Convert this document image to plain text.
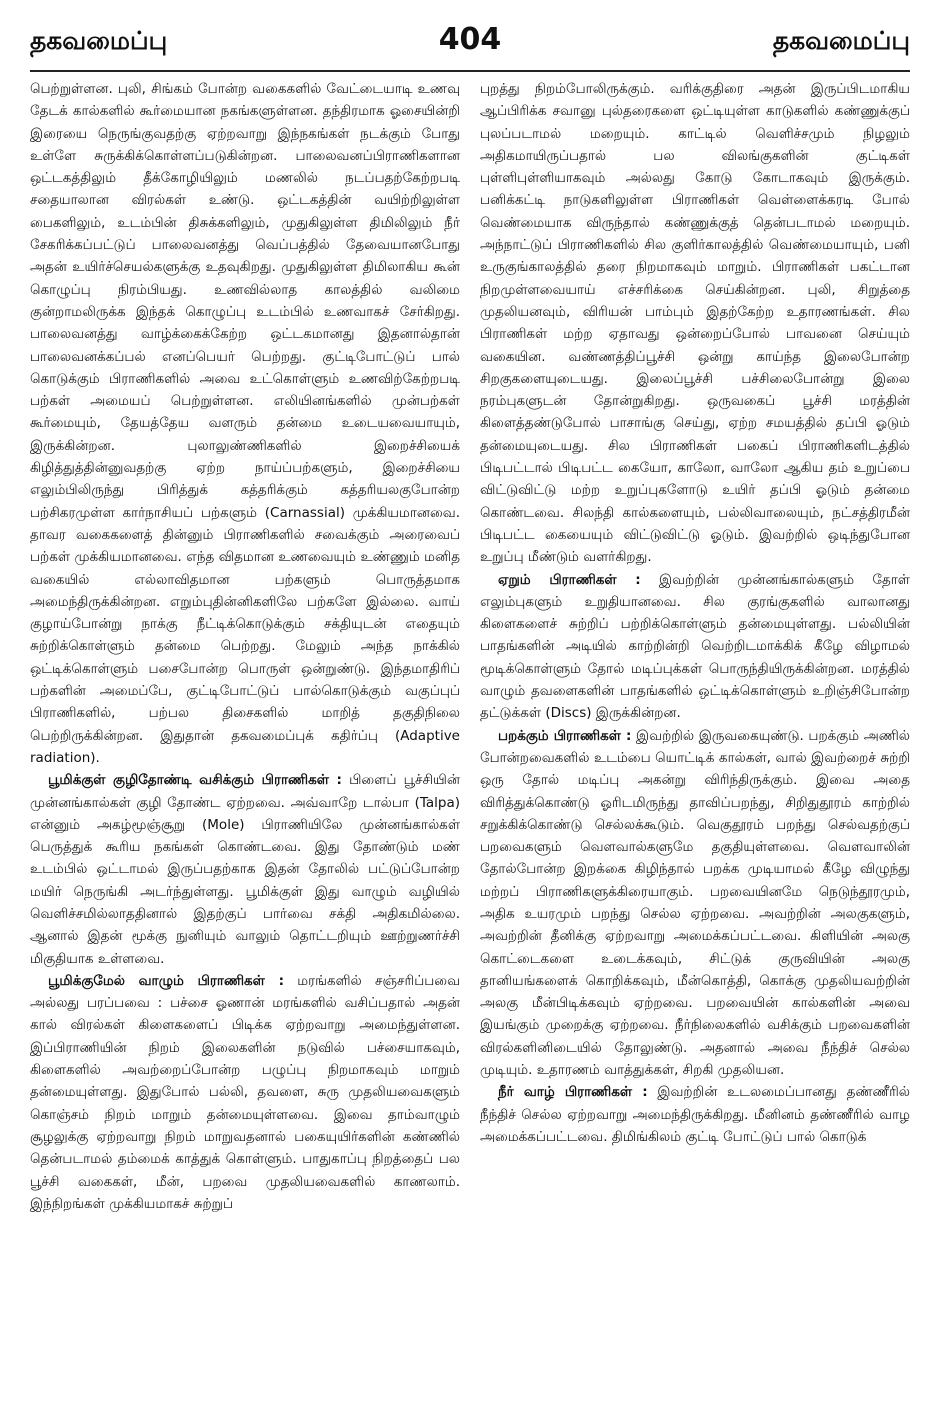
தகவமைப்பு	404	தகவமைப்பு

பெற்றுள்ளன. புலி, சிங்கம் போன்ற வகைகளில் வேட்டையாடி உணவு தேடக் கால்களில் கூர்மையான நகங்களுள்ளன. தந்திரமாக ஓசையின்றி இரையை நெருங்குவதற்கு ஏற்றவாறு இந்நகங்கள் நடக்கும் போது உள்ளே சுருக்கிக்கொள்ளப்படுகின்றன. பாலைவனப்பிராணிகளான ஒட்டகத்திலும் தீக்கோழியிலும் மணலில் நடப்பதற்கேற்றபடி சதையாலான விரல்கள் உண்டு. ஒட்டகத்தின் வயிற்றிலுள்ள பைகளிலும், உடம்பின் திசுக்களிலும், முதுகிலுள்ள திமிலிலும் நீர் சேகரிக்கப்பட்டுப் பாலைவனத்து வெப்பத்தில் தேவையானபோது அதன் உயிர்ச்செயல்களுக்கு உதவுகிறது. முதுகிலுள்ள திமிலாகிய கூன் கொழுப்பு நிரம்பியது. உணவில்லாத காலத்தில் வலிமை குன்றாமலிருக்க இந்தக் கொழுப்பு உடம்பில் உணவாகச் சேர்கிறது. பாலைவனத்து வாழ்க்கைக்கேற்ற ஒட்டகமானது இதனால்தான் பாலைவனக்கப்பல் எனப்பெயர் பெற்றது. குட்டிபோட்டுப் பால் கொடுக்கும் பிராணிகளில் அவை உட்கொள்ளும் உணவிற்கேற்றபடி பற்கள் அமையப் பெற்றுள்ளன. எலியினங்களில் முன்பற்கள் கூர்மையும், தேயத்தேய வளரும் தன்மை உடையவையாயும், இருக்கின்றன. புலாலுண்ணிகளில் இறைச்சியைக் கிழித்துத்தின்னுவதற்கு ஏற்ற நாய்ப்பற்களும், இறைச்சியை எலும்பிலிருந்து பிரித்துக் கத்தரிக்கும் கத்தரியலகுபோன்ற பற்சிகரமுள்ள கார்நாசியப் பற்களும் (Carnassial) முக்கியமானவை. தாவர வகைகளைத் தின்னும் பிராணிகளில் சவைக்கும் அரைவைப் பற்கள் முக்கியமானவை. எந்த விதமான உணவையும் உண்ணும் மனித வகையில் எல்லாவிதமான பற்களும் பொருத்தமாக அமைந்திருக்கின்றன. எறும்புதின்னிகளிலே பற்களே இல்லை. வாய் குழாய்போன்று நாக்கு நீட்டிக்கொடுக்கும் சக்தியுடன் எதையும் சுற்றிக்கொள்ளும் தன்மை பெற்றது. மேலும் அந்த நாக்கில் ஒட்டிக்கொள்ளும் பசைபோன்ற பொருள் ஒன்றுண்டு. இந்தமாதிரிப் பற்களின் அமைப்பே, குட்டிபோட்டுப் பால்கொடுக்கும் வகுப்புப் பிராணிகளில், பற்பல திசைகளில் மாறித் தகுதிநிலை பெற்றிருக்கின்றன. இதுதான் தகவமைப்புக் கதிர்ப்பு (Adaptive radiation).

பூமிக்குள் குழிதோண்டி வசிக்கும் பிராணிகள் : பிளைப் பூச்சியின் முன்னங்கால்கள் குழி தோண்ட ஏற்றவை. அவ்வாறே டால்பா (Talpa) என்னும் அகழ்மூஞ்சூறு (Mole) பிராணியிலே முன்னங்கால்கள் பெருத்துக் கூரிய நகங்கள் கொண்டவை. இது தோண்டும் மண் உடம்பில் ஒட்டாமல் இருப்பதற்காக இதன் தோலில் பட்டுப்போன்ற மயிர் நெருங்கி அடர்ந்துள்ளது. பூமிக்குள் இது வாழும் வழியில் வெளிச்சமில்லாததினால் இதற்குப் பார்வை சக்தி அதிகமில்லை. ஆனால் இதன் மூக்கு நுனியும் வாலும் தொட்டறியும் ஊற்றுணர்ச்சி மிகுதியாக உள்ளவை.

பூமிக்குமேல் வாழும் பிராணிகள் : மரங்களில் சஞ்சரிப்பவை அல்லது பரப்பவை : பச்சை ஓணான் மரங்களில் வசிப்பதால் அதன் கால் விரல்கள் கிளைகளைப் பிடிக்க ஏற்றவாறு அமைந்துள்ளன. இப்பிராணியின் நிறம் இலைகளின் நடுவில் பச்சையாகவும், கிளைகளில் அவற்றைப்போன்ற பழுப்பு நிறமாகவும் மாறும் தன்மையுள்ளது. இதுபோல் பல்லி, தவளை, சுரு முதலியவைகளும் கொஞ்சம் நிறம் மாறும் தன்மையுள்ளவை. இவை தாம்வாழும் சூழலுக்கு ஏற்றவாறு நிறம் மாறுவதனால் பகையுயிர்களின் கண்ணில் தென்படாமல் தம்மைக் காத்துக் கொள்ளும். பாதுகாப்பு நிறத்தைப் பல பூச்சி வகைகள், மீன், பறவை முதலியவைகளில் காணலாம். இந்நிறங்கள் முக்கியமாகச் சுற்றுப்

புறத்து நிறம்போலிருக்கும். வரிக்குதிரை அதன் இருப்பிடமாகிய ஆப்பிரிக்க சவானு புல்தரைகளை ஒட்டியுள்ள காடுகளில் கண்ணுக்குப் புலப்படாமல் மறையும். காட்டில் வெளிச்சமும் நிழலும் அதிகமாயிருப்பதால் பல விலங்குகளின் குட்டிகள் புள்ளிபுள்ளியாகவும் அல்லது கோடு கோடாகவும் இருக்கும். பனிக்கட்டி நாடுகளிலுள்ள பிராணிகள் வெள்ளைக்கரடி போல் வெண்மையாக விருந்தால் கண்ணுக்குத் தென்படாமல் மறையும். அந்நாட்டுப் பிராணிகளில் சில குளிர்காலத்தில் வெண்மையாயும், பனி உருகுங்காலத்தில் தரை நிறமாகவும் மாறும். பிராணிகள் பகட்டான நிறமுள்ளவையாய் எச்சரிக்கை செய்கின்றன. புலி, சிறுத்தை முதலியனவும், விரியன் பாம்பும் இதற்கேற்ற உதாரணங்கள். சில பிராணிகள் மற்ற ஏதாவது ஒன்றைப்போல் பாவனை செய்யும் வகையின. வண்ணத்திப்பூச்சி ஒன்று காய்ந்த இலைபோன்ற சிறகுகளையுடையது. இலைப்பூச்சி பச்சிலைபோன்று இலை நரம்புகளுடன் தோன்றுகிறது. ஒருவகைப் பூச்சி மரத்தின் கிளைத்தண்டுபோல் பாசாங்கு செய்து, ஏற்ற சமயத்தில் தப்பி ஓடும் தன்மையுடையது. சில பிராணிகள் பகைப் பிராணிகளிடத்தில் பிடிபட்டால் பிடிபட்ட கையோ, காலோ, வாலோ ஆகிய தம் உறுப்பை விட்டுவிட்டு மற்ற உறுப்புகளோடு உயிர் தப்பி ஓடும் தன்மை கொண்டவை. சிலந்தி கால்களையும், பல்லிவாலையும், நட்சத்திரமீன் பிடிபட்ட கையையும் விட்டுவிட்டு ஓடும். இவற்றில் ஒடிந்துபோன உறுப்பு மீண்டும் வளர்கிறது.

ஏறும் பிராணிகள் : இவற்றின் முன்னங்கால்களும் தோள் எலும்புகளும் உறுதியானவை. சில குரங்குகளில் வாலானது கிளைகளைச் சுற்றிப் பற்றிக்கொள்ளும் தன்மையுள்ளது. பல்லியின் பாதங்களின் அடியில் காற்றின்றி வெற்றிடமாக்கிக் கீழே விழாமல் மூடிக்கொள்ளும் தோல் மடிப்புக்கள் பொருந்தியிருக்கின்றன. மரத்தில் வாழும் தவளைகளின் பாதங்களில் ஒட்டிக்கொள்ளும் உறிஞ்சிபோன்ற தட்டுக்கள் (Discs) இருக்கின்றன.

பறக்கும் பிராணிகள் : இவற்றில் இருவகையுண்டு. பறக்கும் அணில் போன்றவைகளில் உடம்பை யொட்டிக் கால்கள், வால் இவற்றைச் சுற்றி ஒரு தோல் மடிப்பு அகன்று விரிந்திருக்கும். இவை அதை விரித்துக்கொண்டு ஓரிடமிருந்து தாவிப்பறந்து, சிறிதுதூரம் காற்றில் சறுக்கிக்கொண்டு செல்லக்கூடும். வெகுதூரம் பறந்து செல்வதற்குப் பறவைகளும் வௌவால்களுமே தகுதியுள்ளவை. வௌவாலின் தோல்போன்ற இறக்கை கிழிந்தால் பறக்க முடியாமல் கீழே விழுந்து மற்றப் பிராணிகளுக்கிரையாகும். பறவையினமே நெடுந்தூரமும், அதிக உயரமும் பறந்து செல்ல ஏற்றவை. அவற்றின் அலகுகளும், அவற்றின் தீனிக்கு ஏற்றவாறு அமைக்கப்பட்டவை. கிளியின் அலகு கொட்டைகளை உடைக்கவும், சிட்டுக் குருவியின் அலகு தானியங்களைக் கொறிக்கவும், மீன்கொத்தி, கொக்கு முதலியவற்றின் அலகு மீன்பிடிக்கவும் ஏற்றவை. பறவையின் கால்களின் அவை இயங்கும் முறைக்கு ஏற்றவை. நீர்நிலைகளில் வசிக்கும் பறவைகளின் விரல்களினிடையில் தோலுண்டு. அதனால் அவை நீந்திச் செல்ல முடியும். உதாரணம் வாத்துக்கள், சிறகி முதலியன.

நீர் வாழ் பிராணிகள் : இவற்றின் உடலமைப்பானது தண்ணீரில் நீந்திச் செல்ல ஏற்றவாறு அமைந்திருக்கிறது. மீனினம் தண்ணீரில் வாழ அமைக்கப்பட்டவை. திமிங்கிலம் குட்டி போட்டுப் பால் கொடுக்
